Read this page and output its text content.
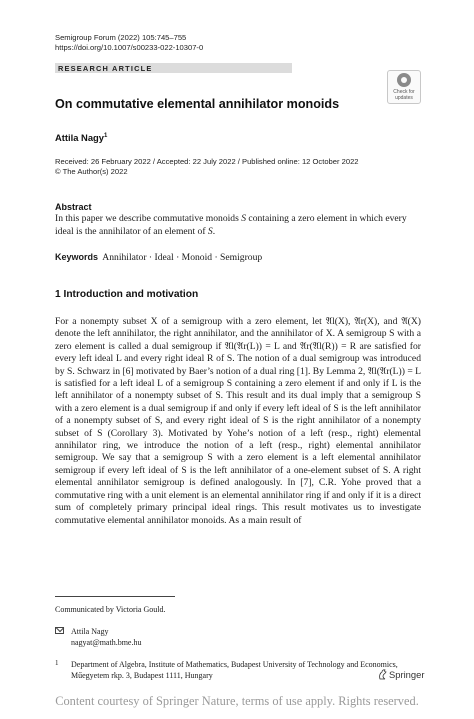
Semigroup Forum (2022) 105:745–755
https://doi.org/10.1007/s00233-022-10307-0
RESEARCH ARTICLE
Check for
updates
On commutative elemental annihilator monoids
Attila Nagy$^1$
Received: 26 February 2022 / Accepted: 22 July 2022 / Published online: 12 October 2022
© The Author(s) 2022
Abstract
In this paper we describe commutative monoids S containing a zero element in which every ideal is the annihilator of an element of S.
Keywords Annihilator · Ideal · Monoid · Semigroup
1 Introduction and motivation

For a nonempty subset X of a semigroup with a zero element, let 𝔄l(X), 𝔄r(X), and 𝔄(X) denote the left annihilator, the right annihilator, and the annihilator of X. A semigroup S with a zero element is called a dual semigroup if 𝔄l(𝔄r(L)) = L and 𝔄r(𝔄l(R)) = R are satisfied for every left ideal L and every right ideal R of S. The notion of a dual semigroup was introduced by S. Schwarz in [6] motivated by Baer’s notion of a dual ring [1]. By Lemma 2, 𝔄l(𝔄r(L)) = L is satisfied for a left ideal L of a semigroup S containing a zero element if and only if L is the left annihilator of a nonempty subset of S. This result and its dual imply that a semigroup S with a zero element is a dual semigroup if and only if every left ideal of S is the left annihilator of a nonempty subset of S, and every right ideal of S is the right annihilator of a nonempty subset of S (Corollary 3). Motivated by Yohe’s notion of a left (resp., right) elemental annihilator ring, we introduce the notion of a left (resp., right) elemental annihilator semigroup. We say that a semigroup S with a zero element is a left elemental annihilator semigroup if every left ideal of S is the left annihilator of a one-element subset of S. A right elemental annihilator semigroup is defined analogously. In [7], C.R. Yohe proved that a commutative ring with a unit element is an elemental annihilator ring if and only if it is a direct sum of completely primary principal ideal rings. This result motivates us to investigate commutative elemental annihilator monoids. As a main result of

Communicated by Victoria Gould.
Attila Nagy
nagyat@math.bme.hu
1 Department of Algebra, Institute of Mathematics, Budapest University of Technology and Economics, Műegyetem rkp. 3, Budapest 1111, Hungary	Springer
Content courtesy of Springer Nature, terms of use apply. Rights reserved.
